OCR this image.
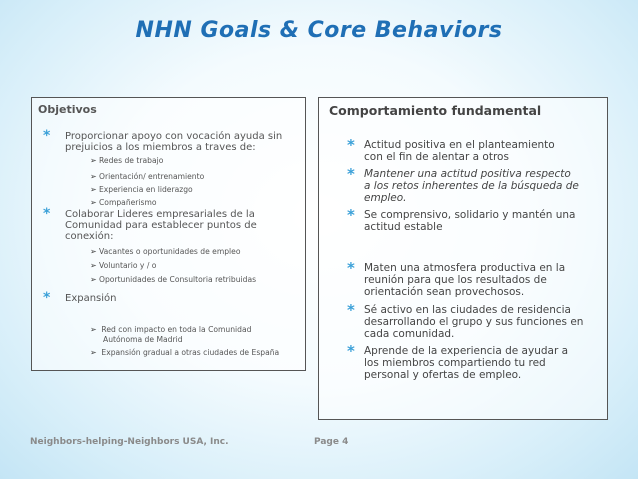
NHN Goals & Core Behaviors
Objetivos
* Proporcionar apoyo con vocación ayuda sin
prejuicios a los miembros a traves de:
➢ Redes de trabajo
➢ Orientación/ entrenamiento
➢ Experiencia en liderazgo
➢ Compañerismo
* Colaborar Lideres empresariales de la
Comunidad para establecer puntos de
conexión:
➢ Vacantes o oportunidades de empleo
➢ Voluntario y / o
➢ Oportunidades de Consultoria retribuidas
* Expansión
➢ Red con impacto en toda la Comunidad
Autónoma de Madrid
➢ Expansión gradual a otras ciudades de España
Comportamiento fundamental
* Actitud positiva en el planteamiento
con el fin de alentar a otros
* Mantener una actitud positiva respecto
a los retos inherentes de la búsqueda de
empleo.
* Se comprensivo, solidario y mantén una
actitud estable
* Maten una atmosfera productiva en la
reunión para que los resultados de
orientación sean provechosos.
* Sé activo en las ciudades de residencia
desarrollando el grupo y sus funciones en
cada comunidad.
* Aprende de la experiencia de ayudar a
los miembros compartiendo tu red
personal y ofertas de empleo.
Neighbors-helping-Neighbors USA, Inc.	Page 4
